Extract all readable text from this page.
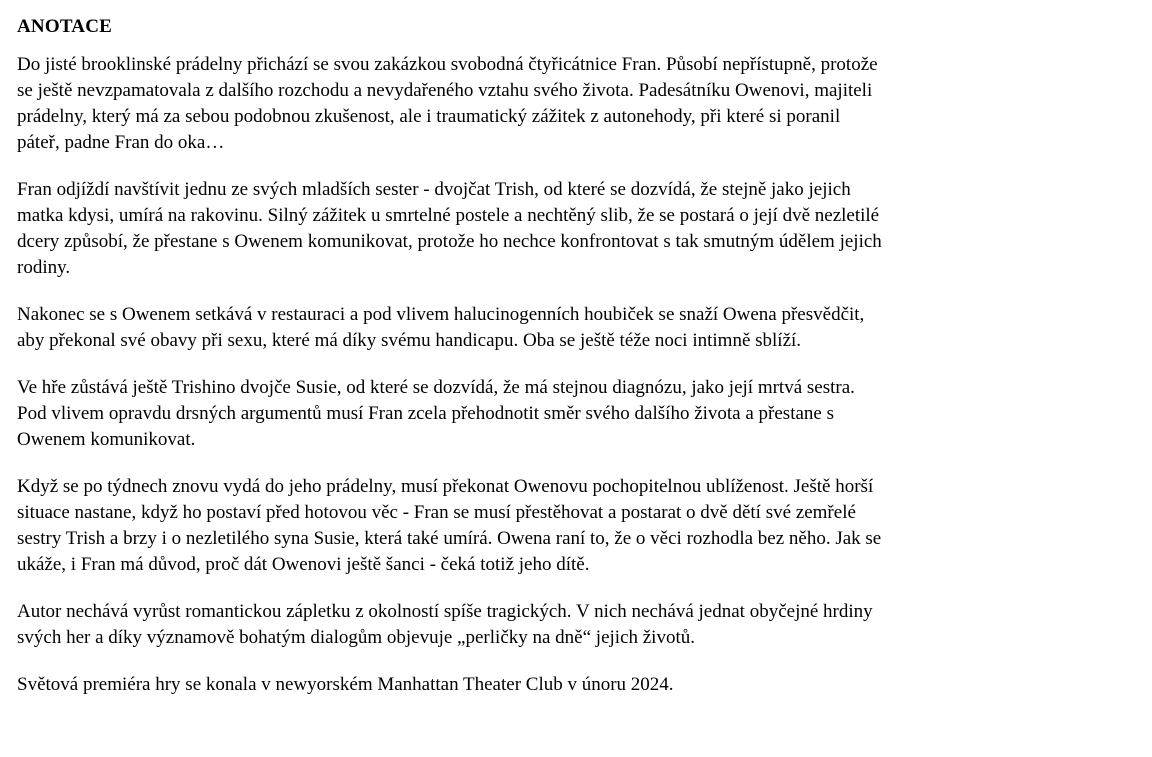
ANOTACE

Do jisté brooklinské prádelny přichází se svou zakázkou svobodná čtyřicátnice Fran. Působí nepřístupně, protože se ještě nevzpamatovala z dalšího rozchodu a nevydařeného vztahu svého života. Padesátníku Owenovi, majiteli prádelny, který má za sebou podobnou zkušenost, ale i traumatický zážitek z autonehody, při které si poranil páteř, padne Fran do oka…

Fran odjíždí navštívit jednu ze svých mladších sester - dvojčat Trish, od které se dozvídá, že stejně jako jejich matka kdysi, umírá na rakovinu. Silný zážitek u smrtelné postele a nechtěný slib, že se postará o její dvě nezletilé dcery způsobí, že přestane s Owenem komunikovat, protože ho nechce konfrontovat s tak smutným údělem jejich rodiny.

Nakonec se s Owenem setkává v restauraci a pod vlivem halucinogenních houbiček se snaží Owena přesvědčit, aby překonal své obavy při sexu, které má díky svému handicapu. Oba se ještě téže noci intimně sblíží.

Ve hře zůstává ještě Trishino dvojče Susie, od které se dozvídá, že má stejnou diagnózu, jako její mrtvá sestra. Pod vlivem opravdu drsných argumentů musí Fran zcela přehodnotit směr svého dalšího života a přestane s Owenem komunikovat.

Když se po týdnech znovu vydá do jeho prádelny, musí překonat Owenovu pochopitelnou ublíženost. Ještě horší situace nastane, když ho postaví před hotovou věc - Fran se musí přestěhovat a postarat o dvě dětí své zemřelé sestry Trish a brzy i o nezletilého syna Susie, která také umírá. Owena raní to, že o věci rozhodla bez něho. Jak se ukáže, i Fran má důvod, proč dát Owenovi ještě šanci - čeká totiž jeho dítě.

Autor nechává vyrůst romantickou zápletku z okolností spíše tragických. V nich nechává jednat obyčejné hrdiny svých her a díky významově bohatým dialogům objevuje „perličky na dně“ jejich životů.

Světová premiéra hry se konala v newyorském Manhattan Theater Club v únoru 2024.
